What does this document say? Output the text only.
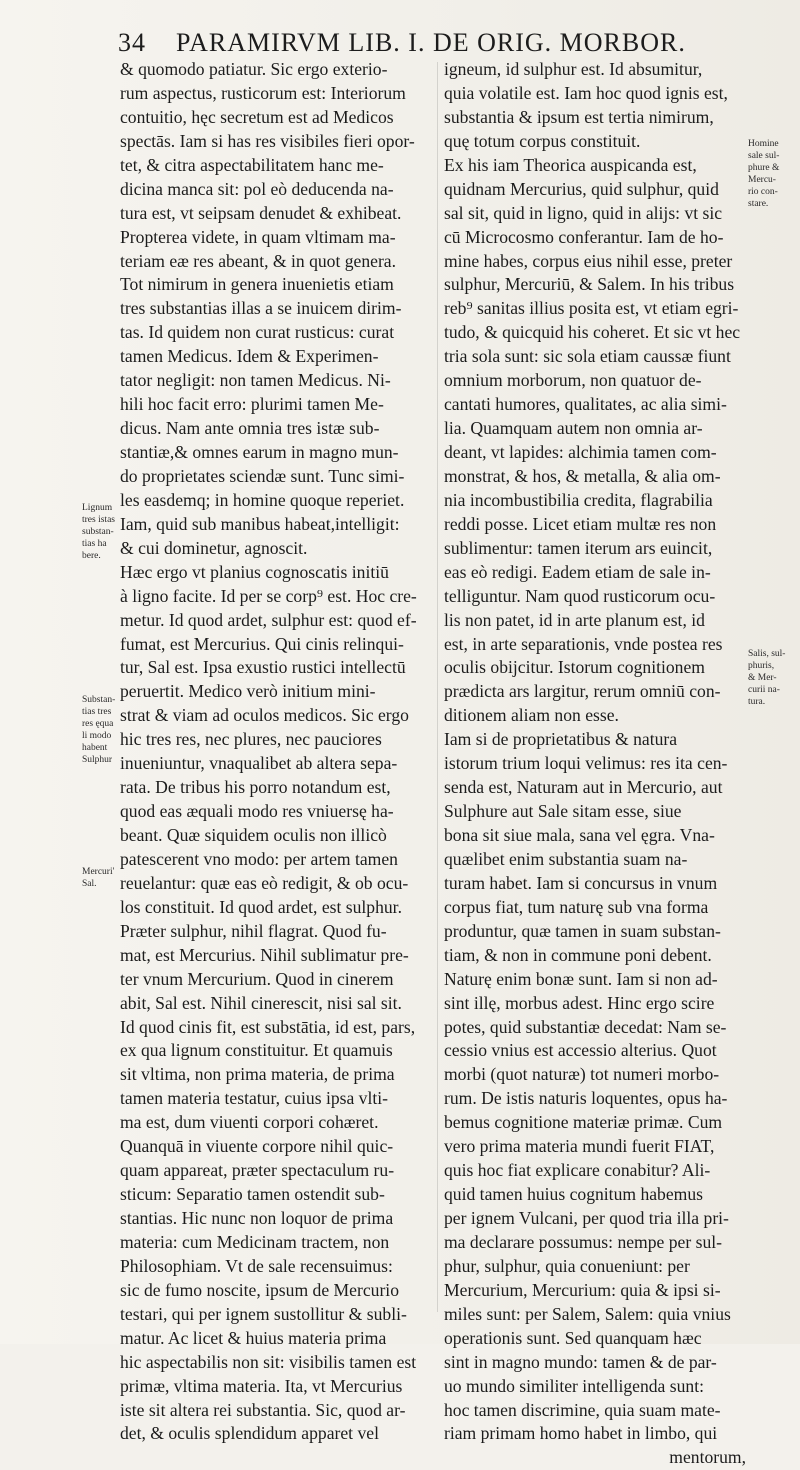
34 PARAMIRVM LIB. I. DE ORIG. MORBOR.
& quomodo patiatur. Sic ergo exterio-
rum aspectus, rusticorum est: Interiorum
contuitio, hęc secretum est ad Medicos
spectās. Iam si has res visibiles fieri opor-
tet, & citra aspectabilitatem hanc me-
dicina manca sit: pol eò deducenda na-
tura est, vt seipsam denudet & exhibeat.
Propterea videte, in quam vltimam ma-
teriam eæ res abeant, & in quot genera.
Tot nimirum in genera inuenietis etiam
tres substantias illas a se inuicem dirim-
tas. Id quidem non curat rusticus: curat
tamen Medicus. Idem & Experimen-
tator negligit: non tamen Medicus. Ni-
hili hoc facit erro: plurimi tamen Me-
dicus. Nam ante omnia tres istæ sub-
stantiæ,& omnes earum in magno mun-
do proprietates sciendæ sunt. Tunc simi-
les easdemq; in homine quoque reperiet.
Iam, quid sub manibus habeat,intelligit:
& cui dominetur, agnoscit.
Hæc ergo vt planius cognoscatis initiū
à ligno facite. Id per se corp⁹ est. Hoc cre-
metur. Id quod ardet, sulphur est: quod ef-
fumat, est Mercurius. Qui cinis relinqui-
tur, Sal est. Ipsa exustio rustici intellectū
peruertit. Medico verò initium mini-
strat & viam ad oculos medicos. Sic ergo
hic tres res, nec plures, nec pauciores
inueniuntur, vnaqualibet ab altera sepa-
rata. De tribus his porro notandum est,
quod eas æquali modo res vniuersę ha-
beant. Quæ siquidem oculis non illicò
patescerent vno modo: per artem tamen
reuelantur: quæ eas eò redigit, & ob ocu-
los constituit. Id quod ardet, est sulphur.
Præter sulphur, nihil flagrat. Quod fu-
mat, est Mercurius. Nihil sublimatur pre-
ter vnum Mercurium. Quod in cinerem
abit, Sal est. Nihil cinerescit, nisi sal sit.
Id quod cinis fit, est substātia, id est, pars,
ex qua lignum constituitur. Et quamuis
sit vltima, non prima materia, de prima
tamen materia testatur, cuius ipsa vlti-
ma est, dum viuenti corpori cohæret.
Quanquā in viuente corpore nihil quic-
quam appareat, præter spectaculum ru-
sticum: Separatio tamen ostendit sub-
stantias. Hic nunc non loquor de prima
materia: cum Medicinam tractem, non
Philosophiam. Vt de sale recensuimus:
sic de fumo noscite, ipsum de Mercurio
testari, qui per ignem sustollitur & subli-
matur. Ac licet & huius materia prima
hic aspectabilis non sit: visibilis tamen est
primæ, vltima materia. Ita, vt Mercurius
iste sit altera rei substantia. Sic, quod ar-
det, & oculis splendidum apparet vel
igneum, id sulphur est. Id absumitur,
quia volatile est. Iam hoc quod ignis est,
substantia & ipsum est tertia nimirum,
quę totum corpus constituit.
Ex his iam Theorica auspicanda est,
quidnam Mercurius, quid sulphur, quid
sal sit, quid in ligno, quid in alijs: vt sic
cū Microcosmo conferantur. Iam de ho-
mine habes, corpus eius nihil esse, preter
sulphur, Mercuriū, & Salem. In his tribus
reb⁹ sanitas illius posita est, vt etiam egri-
tudo, & quicquid his coheret. Et sic vt hec
tria sola sunt: sic sola etiam caussæ fiunt
omnium morborum, non quatuor de-
cantati humores, qualitates, ac alia simi-
lia. Quamquam autem non omnia ar-
deant, vt lapides: alchimia tamen com-
monstrat, & hos, & metalla, & alia om-
nia incombustibilia credita, flagrabilia
reddi posse. Licet etiam multæ res non
sublimentur: tamen iterum ars euincit,
eas eò redigi. Eadem etiam de sale in-
telliguntur. Nam quod rusticorum ocu-
lis non patet, id in arte planum est, id
est, in arte separationis, vnde postea res
oculis obijcitur. Istorum cognitionem
prædicta ars largitur, rerum omniū con-
ditionem aliam non esse.
Iam si de proprietatibus & natura
istorum trium loqui velimus: res ita cen-
senda est, Naturam aut in Mercurio, aut
Sulphure aut Sale sitam esse, siue
bona sit siue mala, sana vel ęgra. Vna-
quælibet enim substantia suam na-
turam habet. Iam si concursus in vnum
corpus fiat, tum naturę sub vna forma
produntur, quæ tamen in suam substan-
tiam, & non in commune poni debent.
Naturę enim bonæ sunt. Iam si non ad-
sint illę, morbus adest. Hinc ergo scire
potes, quid substantiæ decedat: Nam se-
cessio vnius est accessio alterius. Quot
morbi (quot naturæ) tot numeri morbo-
rum. De istis naturis loquentes, opus ha-
bemus cognitione materiæ primæ. Cum
vero prima materia mundi fuerit FIAT,
quis hoc fiat explicare conabitur? Ali-
quid tamen huius cognitum habemus
per ignem Vulcani, per quod tria illa pri-
ma declarare possumus: nempe per sul-
phur, sulphur, quia conueniunt: per
Mercurium, Mercurium: quia & ipsi si-
miles sunt: per Salem, Salem: quia vnius
operationis sunt. Sed quanquam hæc
sint in magno mundo: tamen & de par-
uo mundo similiter intelligenda sunt:
hoc tamen discrimine, quia suam mate-
riam primam homo habet in limbo, qui
mentorum,
Lignum
tres istas
substan-
tias ha
bere.
Substan-
tias tres
res ęqua
li modo
habent
Sulphur
Mercuri'
Sal.
Homine
sale sul-
phure &
Mercu-
rio con-
stare.
Salis, sul-
phuris,
& Mer-
curii na-
tura.
